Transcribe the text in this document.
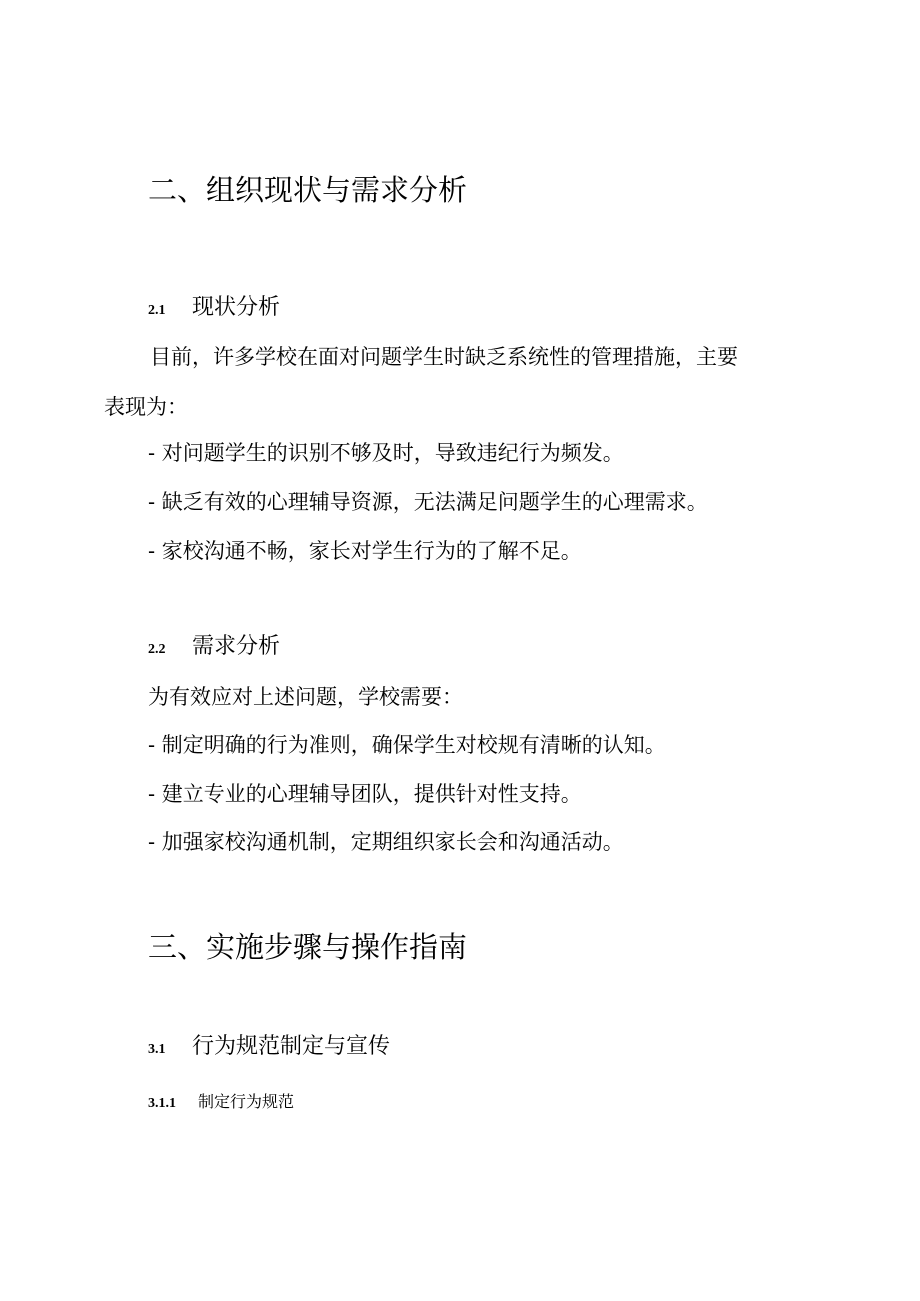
二、组织现状与需求分析
2.1 现状分析
目前，许多学校在面对问题学生时缺乏系统性的管理措施，主要
表现为：
- 对问题学生的识别不够及时，导致违纪行为频发。
- 缺乏有效的心理辅导资源，无法满足问题学生的心理需求。
- 家校沟通不畅，家长对学生行为的了解不足。
2.2 需求分析
为有效应对上述问题，学校需要：
- 制定明确的行为准则，确保学生对校规有清晰的认知。
- 建立专业的心理辅导团队，提供针对性支持。
- 加强家校沟通机制，定期组织家长会和沟通活动。
三、实施步骤与操作指南
3.1 行为规范制定与宣传
3.1.1 制定行为规范
